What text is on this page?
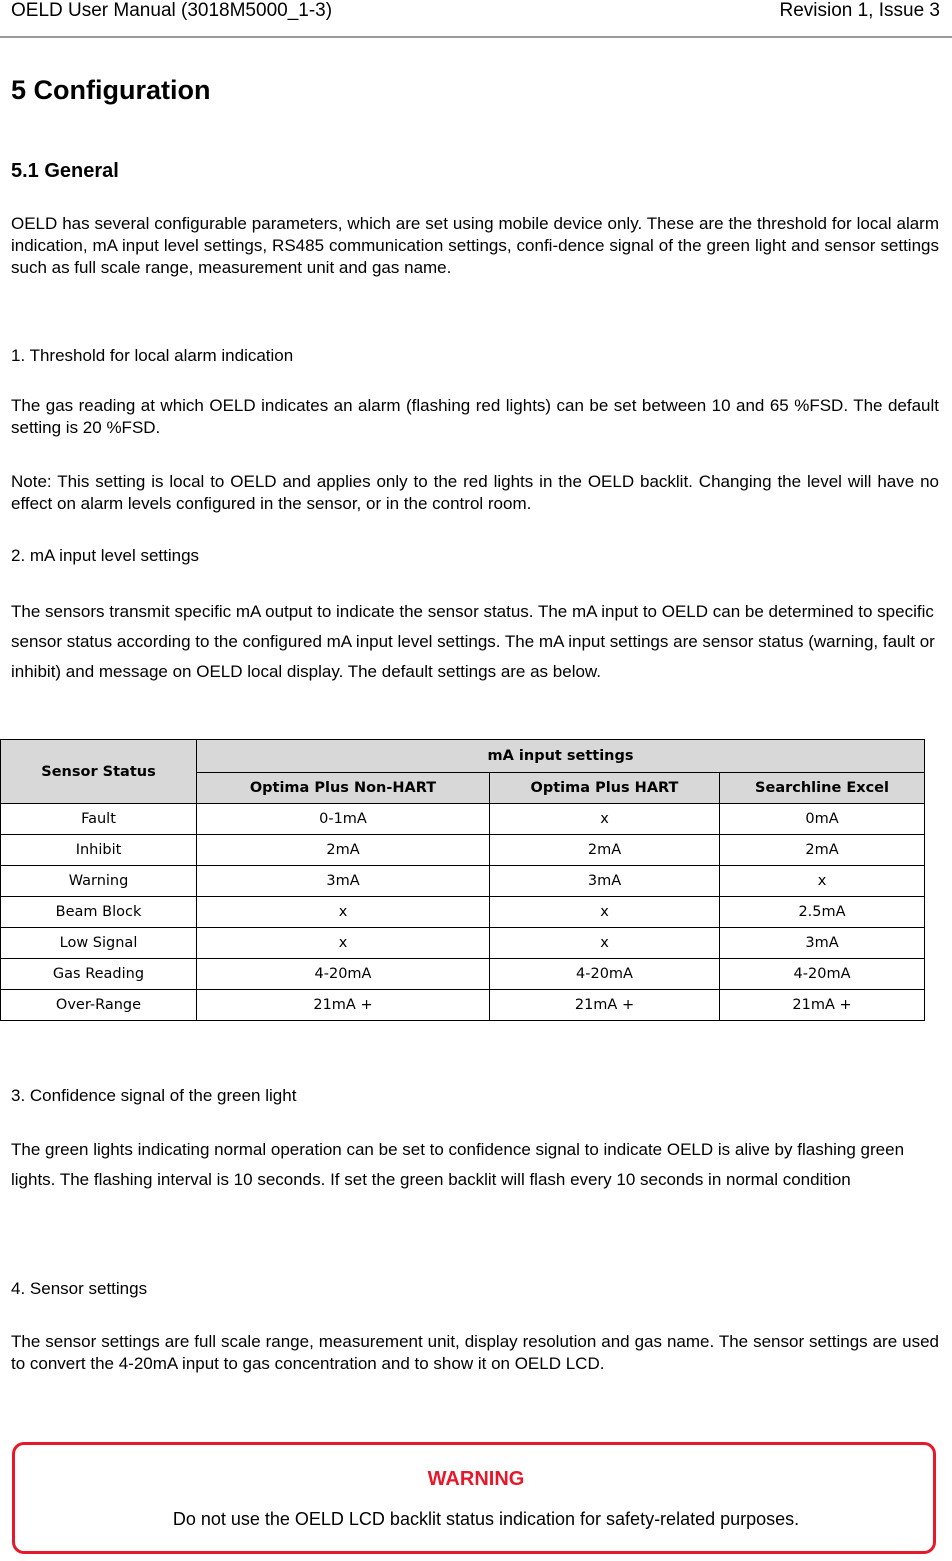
OELD User Manual (3018M5000_1-3)	Revision 1, Issue 3
5 Configuration
5.1 General
OELD has several configurable parameters, which are set using mobile device only. These are the threshold for local alarm indication, mA input level settings, RS485 communication settings, confi-dence signal of the green light and sensor settings such as full scale range, measurement unit and gas name.
1. Threshold for local alarm indication
The gas reading at which OELD indicates an alarm (flashing red lights) can be set between 10 and 65 %FSD. The default setting is 20 %FSD.
Note: This setting is local to OELD and applies only to the red lights in the OELD backlit. Changing the level will have no effect on alarm levels configured in the sensor, or in the control room.
2. mA input level settings
The sensors transmit specific mA output to indicate the sensor status. The mA input to OELD can be determined to specific sensor status according to the configured mA input level settings. The mA input settings are sensor status (warning, fault or inhibit) and message on OELD local display. The default settings are as below.
Sensor Status	mA input settings		
	Optima Plus Non-HART	Optima Plus HART	Searchline Excel
Fault	0-1mA	x	0mA
Inhibit	2mA	2mA	2mA
Warning	3mA	3mA	x
Beam Block	x	x	2.5mA
Low Signal	x	x	3mA
Gas Reading	4-20mA	4-20mA	4-20mA
Over-Range	21mA +	21mA +	21mA +
3. Confidence signal of the green light
The green lights indicating normal operation can be set to confidence signal to indicate OELD is alive by flashing green lights. The flashing interval is 10 seconds. If set the green backlit will flash every 10 seconds in normal condition
4. Sensor settings
The sensor settings are full scale range, measurement unit, display resolution and gas name. The sensor settings are used to convert the 4-20mA input to gas concentration and to show it on OELD LCD.
WARNING
Do not use the OELD LCD backlit status indication for safety-related purposes.
